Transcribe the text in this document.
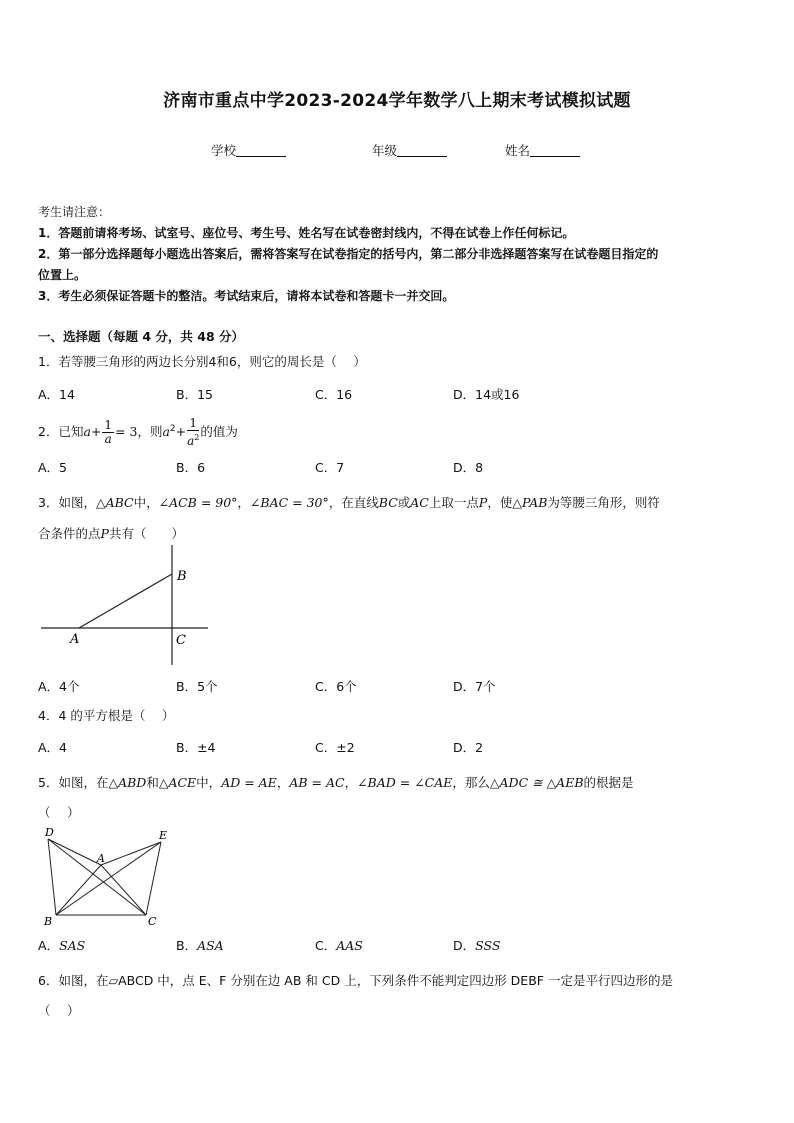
济南市重点中学2023-2024学年数学八上期末考试模拟试题
学校	年级	姓名
考生请注意：
1．答题前请将考场、试室号、座位号、考生号、姓名写在试卷密封线内，不得在试卷上作任何标记。
2．第一部分选择题每小题选出答案后，需将答案写在试卷指定的括号内，第二部分非选择题答案写在试卷题目指定的
位置上。
3．考生必须保证答题卡的整洁。考试结束后，请将本试卷和答题卡一并交回。
一、选择题（每题 4 分，共 48 分）
1．若等腰三角形的两边长分别4和6，则它的周长是（　 ）
A．14	B．15	C．16	D．14或16
2．已知$a+ \frac{1}{a} = 3$，则$a^2+ \frac{1}{a^2}$ 的值为
A．5	B．6	C．7	D．8
3．如图，△ABC中，∠ACB = 90°，∠BAC = 30°，在直线BC或AC上取一点P，使△PAB为等腰三角形，则符
合条件的点P共有（　　）
B
A	C
A．4个	B．5个	C．6个	D．7个
4．4 的平方根是（　 ）
A．4	B．±4	C．±2	D．2
5．如图，在△ABD和△ACE中，AD = AE，AB = AC，∠BAD = ∠CAE，那么△ADC ≅ △AEB的根据是
（　 ）
D	E
A
B	C
A．SAS	B．ASA	C．AAS	D．SSS
6．如图，在▱ABCD 中，点 E、F 分别在边 AB 和 CD 上，下列条件不能判定四边形 DEBF 一定是平行四边形的是
（　 ）
